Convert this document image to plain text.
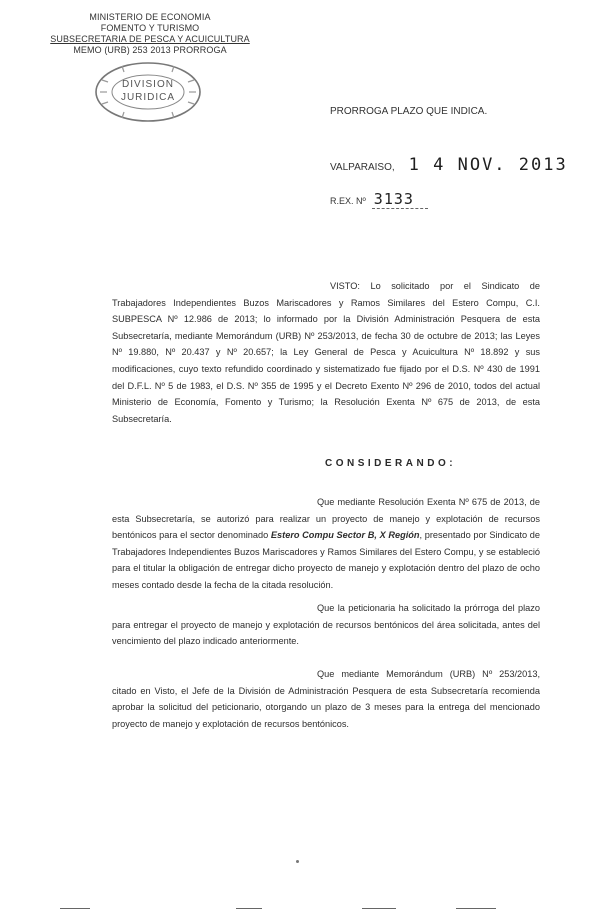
MINISTERIO DE ECONOMIA
FOMENTO Y TURISMO
SUBSECRETARIA DE PESCA Y ACUICULTURA
MEMO (URB) 253 2013 PRORROGA
DIVISION
JURIDICA
PRORROGA PLAZO QUE INDICA.
VALPARAISO, 1 4 NOV. 2013
R.EX. Nº 3133

VISTO: Lo solicitado por el Sindicato de Trabajadores Independientes Buzos Mariscadores y Ramos Similares del Estero Compu, C.I. SUBPESCA Nº 12.986 de 2013; lo informado por la División Administración Pesquera de esta Subsecretaría, mediante Memorándum (URB) Nº 253/2013, de fecha 30 de octubre de 2013; las Leyes Nº 19.880, Nº 20.437 y Nº 20.657; la Ley General de Pesca y Acuicultura Nº 18.892 y sus modificaciones, cuyo texto refundido coordinado y sistematizado fue fijado por el D.S. Nº 430 de 1991 del D.F.L. Nº 5 de 1983, el D.S. Nº 355 de 1995 y el Decreto Exento Nº 296 de 2010, todos del actual Ministerio de Economía, Fomento y Turismo; la Resolución Exenta Nº 675 de 2013, de esta Subsecretaría.

CONSIDERANDO:

Que mediante Resolución Exenta Nº 675 de 2013, de esta Subsecretaría, se autorizó para realizar un proyecto de manejo y explotación de recursos bentónicos para el sector denominado Estero Compu Sector B, X Región, presentado por Sindicato de Trabajadores Independientes Buzos Mariscadores y Ramos Similares del Estero Compu, y se estableció para el titular la obligación de entregar dicho proyecto de manejo y explotación dentro del plazo de ocho meses contado desde la fecha de la citada resolución.

Que la peticionaria ha solicitado la prórroga del plazo para entregar el proyecto de manejo y explotación de recursos bentónicos del área solicitada, antes del vencimiento del plazo indicado anteriormente.

Que mediante Memorándum (URB) Nº 253/2013, citado en Visto, el Jefe de la División de Administración Pesquera de esta Subsecretaría recomienda aprobar la solicitud del peticionario, otorgando un plazo de 3 meses para la entrega del mencionado proyecto de manejo y explotación de recursos bentónicos.
